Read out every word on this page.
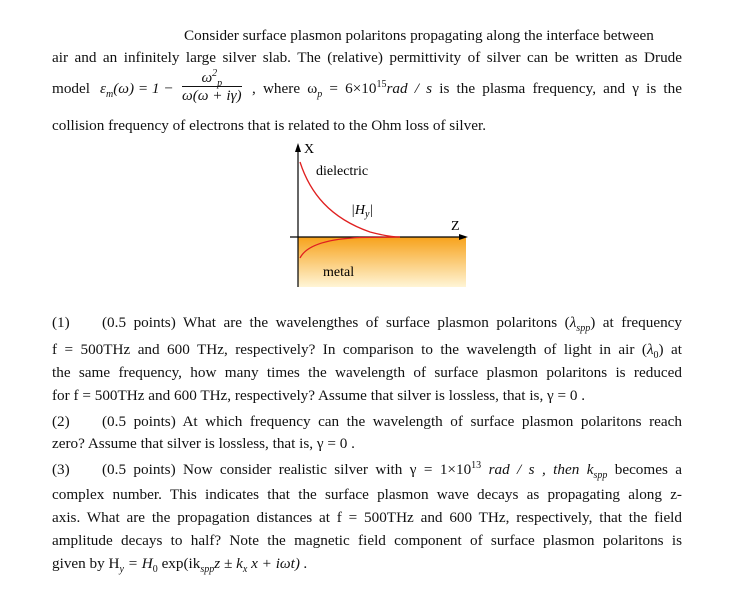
Consider surface plasmon polaritons propagating along the interface between
air and an infinitely large silver slab. The (relative) permittivity of silver can be written as Drude
model $\varepsilon_m(\omega) = 1 - \frac{\omega^2_p}{\omega(\omega + i\gamma)}$ , where $\omega_p = 6\times 10^{15}rad / s$ is the plasma frequency, and γ is the
collision frequency of electrons that is related to the Ohm loss of silver.
X
dielectric
$|H_y|$
Z
metal
(1) (0.5 points) What are the wavelengthes of surface plasmon polaritons $(\lambda_{spp})$ at frequency
f = 500THz and 600 THz, respectively? In comparison to the wavelength of light in air $(\lambda_0)$ at
the same frequency, how many times the wavelength of surface plasmon polaritons is reduced
for f = 500THz and 600 THz, respectively? Assume that silver is lossless, that is, γ = 0 .
(2) (0.5 points) At which frequency can the wavelength of surface plasmon polaritons reach
zero? Assume that silver is lossless, that is, γ = 0 .
(3) (0.5 points) Now consider realistic silver with $\gamma = 1\times 10^{13}$ rad / s , then $k_{spp}$ becomes a
complex number. This indicates that the surface plasmon wave decays as propagating along z-
axis. What are the propagation distances at f = 500THz and 600 THz, respectively, that the field
amplitude decays to half? Note the magnetic field component of surface plasmon polaritons is
given by $H_y = H_0$ $\exp(ik_{spp}z \pm k_x$ x + iωt) .
